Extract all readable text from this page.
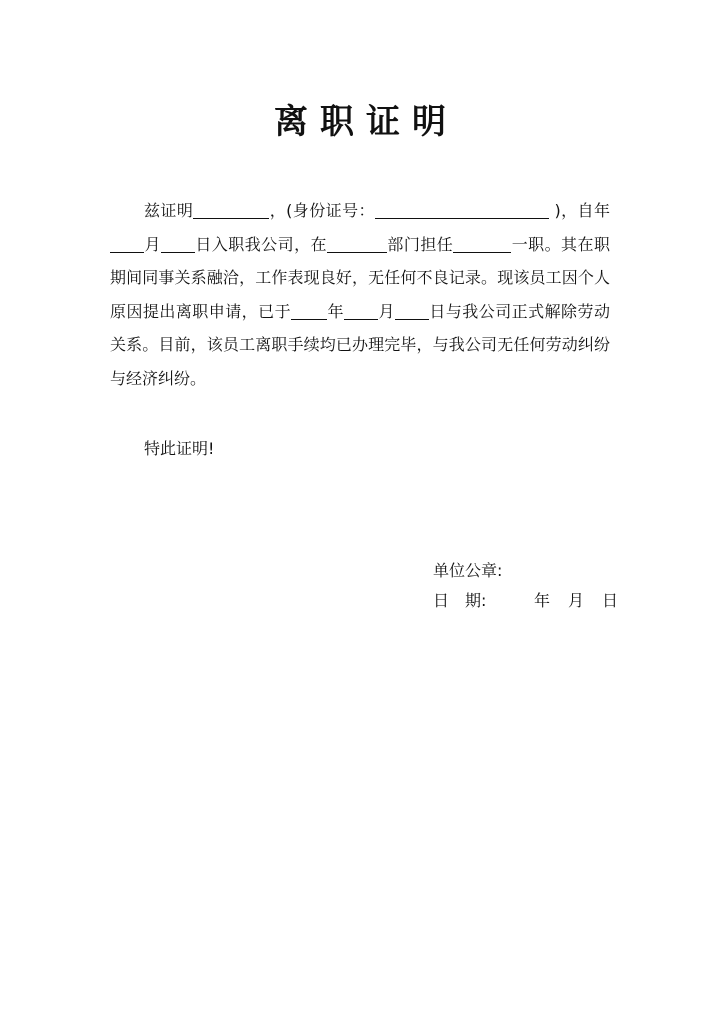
离职证明

兹证明	，(身份证号：	)，自年月 日入职我公司，在	部门担任	一职。其在职期间同事关系融洽，工作表现良好，无任何不良记录。现该员工因个人原因提出离职申请，已于 年 月 日与我公司正式解除劳动关系。目前，该员工离职手续均已办理完毕，与我公司无任何劳动纠纷与经济纠纷。

特此证明!

单位公章:

日　期:	年 月 日
